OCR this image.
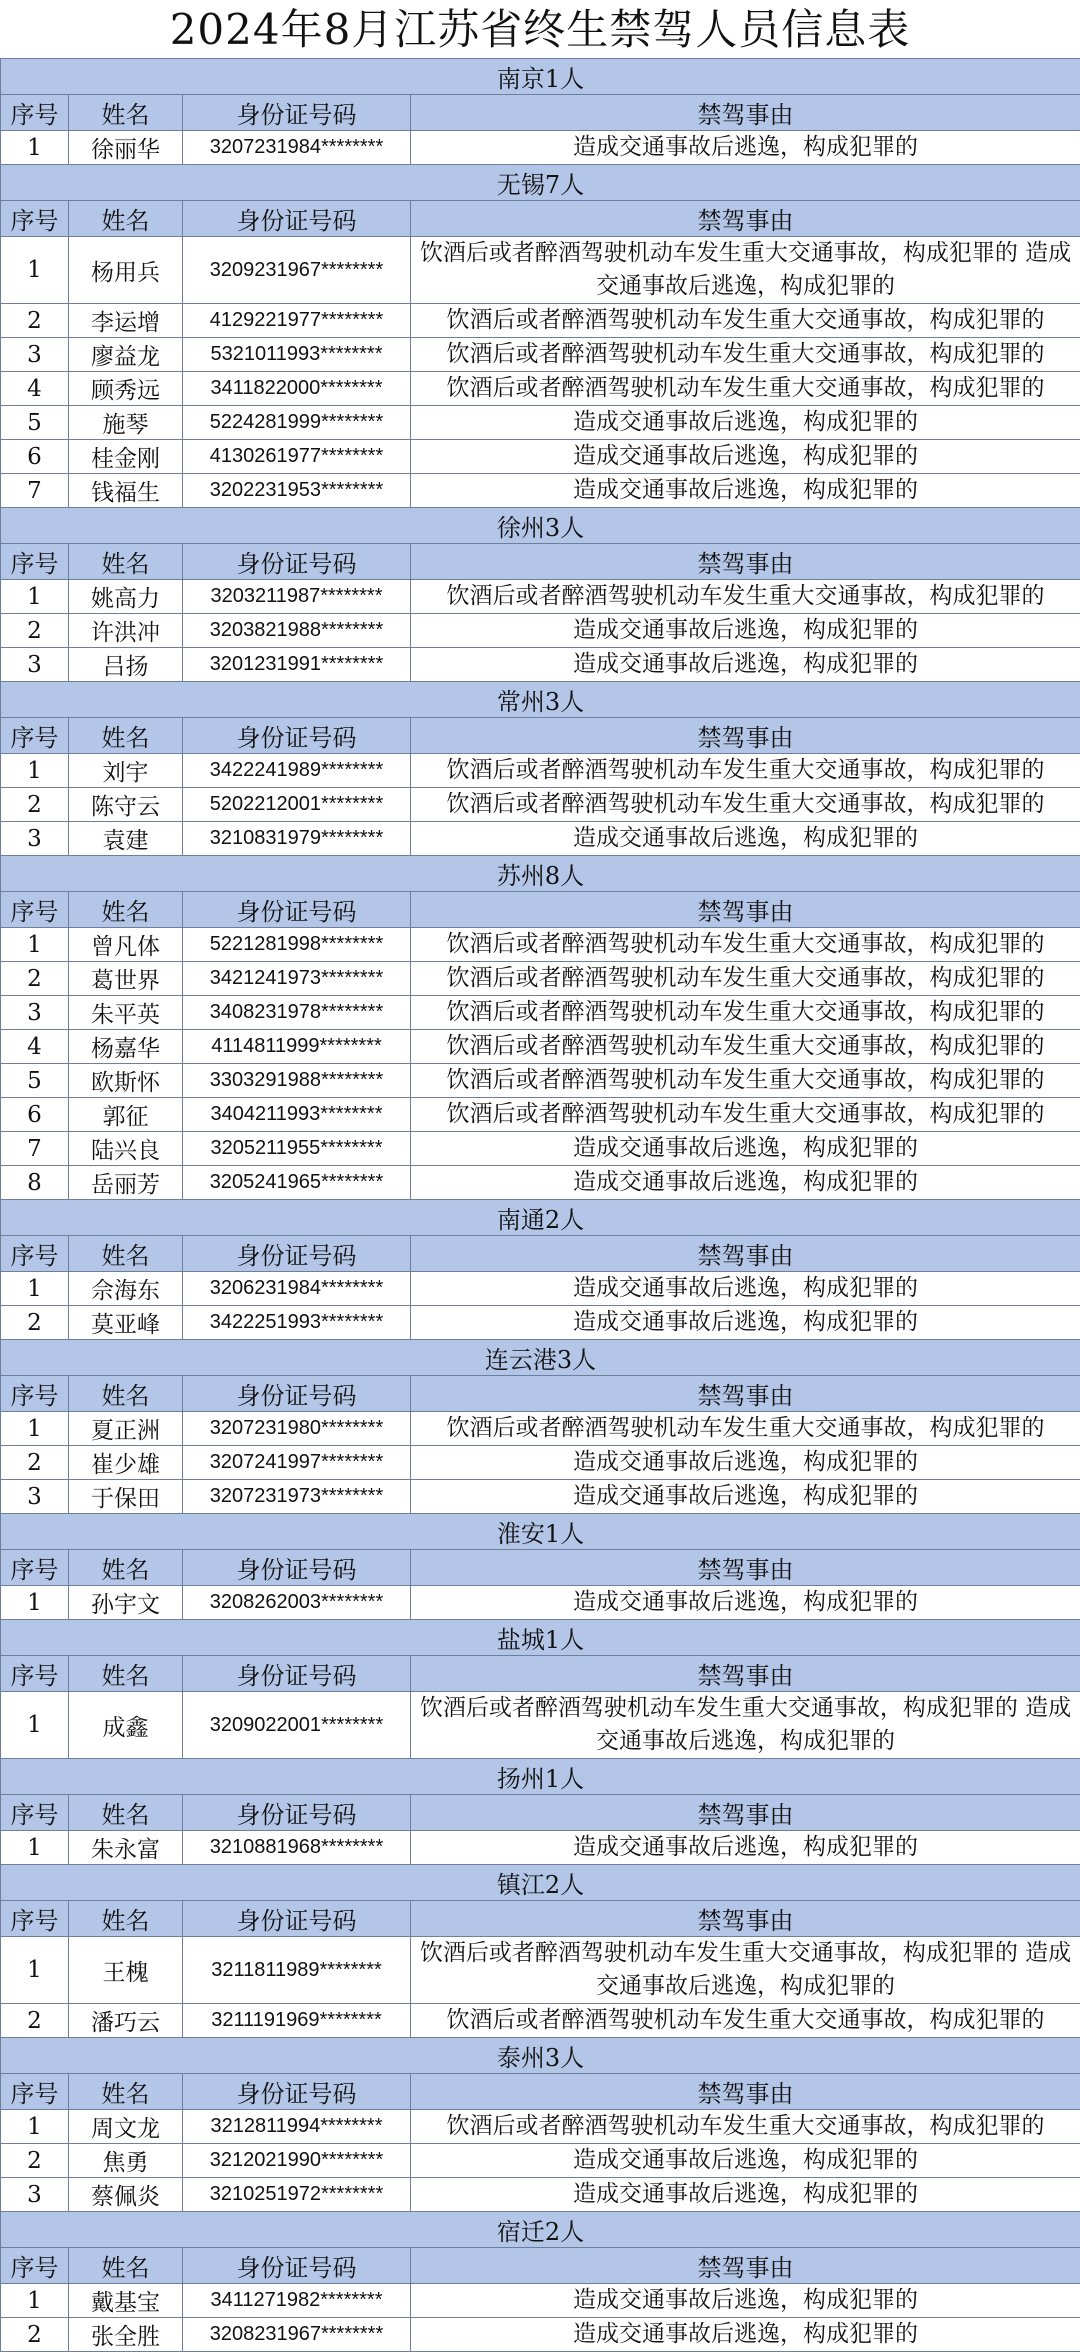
2024年8月江苏省终生禁驾人员信息表
南京1人			
序号	姓名	身份证号码	禁驾事由
1	徐丽华	3207231984********	造成交通事故后逃逸，构成犯罪的
无锡7人			
序号	姓名	身份证号码	禁驾事由
1	杨用兵	3209231967********	饮酒后或者醉酒驾驶机动车发生重大交通事故，构成犯罪的 造成交通事故后逃逸，构成犯罪的
2	李运增	4129221977********	饮酒后或者醉酒驾驶机动车发生重大交通事故，构成犯罪的
3	廖益龙	5321011993********	饮酒后或者醉酒驾驶机动车发生重大交通事故，构成犯罪的
4	顾秀远	3411822000********	饮酒后或者醉酒驾驶机动车发生重大交通事故，构成犯罪的
5	施琴	5224281999********	造成交通事故后逃逸，构成犯罪的
6	桂金刚	4130261977********	造成交通事故后逃逸，构成犯罪的
7	钱福生	3202231953********	造成交通事故后逃逸，构成犯罪的
徐州3人			
序号	姓名	身份证号码	禁驾事由
1	姚高力	3203211987********	饮酒后或者醉酒驾驶机动车发生重大交通事故，构成犯罪的
2	许洪冲	3203821988********	造成交通事故后逃逸，构成犯罪的
3	吕扬	3201231991********	造成交通事故后逃逸，构成犯罪的
常州3人			
序号	姓名	身份证号码	禁驾事由
1	刘宇	3422241989********	饮酒后或者醉酒驾驶机动车发生重大交通事故，构成犯罪的
2	陈守云	5202212001********	饮酒后或者醉酒驾驶机动车发生重大交通事故，构成犯罪的
3	袁建	3210831979********	造成交通事故后逃逸，构成犯罪的
苏州8人			
序号	姓名	身份证号码	禁驾事由
1	曾凡体	5221281998********	饮酒后或者醉酒驾驶机动车发生重大交通事故，构成犯罪的
2	葛世界	3421241973********	饮酒后或者醉酒驾驶机动车发生重大交通事故，构成犯罪的
3	朱平英	3408231978********	饮酒后或者醉酒驾驶机动车发生重大交通事故，构成犯罪的
4	杨嘉华	4114811999********	饮酒后或者醉酒驾驶机动车发生重大交通事故，构成犯罪的
5	欧斯怀	3303291988********	饮酒后或者醉酒驾驶机动车发生重大交通事故，构成犯罪的
6	郭征	3404211993********	饮酒后或者醉酒驾驶机动车发生重大交通事故，构成犯罪的
7	陆兴良	3205211955********	造成交通事故后逃逸，构成犯罪的
8	岳丽芳	3205241965********	造成交通事故后逃逸，构成犯罪的
南通2人			
序号	姓名	身份证号码	禁驾事由
1	佘海东	3206231984********	造成交通事故后逃逸，构成犯罪的
2	莫亚峰	3422251993********	造成交通事故后逃逸，构成犯罪的
连云港3人			
序号	姓名	身份证号码	禁驾事由
1	夏正洲	3207231980********	饮酒后或者醉酒驾驶机动车发生重大交通事故，构成犯罪的
2	崔少雄	3207241997********	造成交通事故后逃逸，构成犯罪的
3	于保田	3207231973********	造成交通事故后逃逸，构成犯罪的
淮安1人			
序号	姓名	身份证号码	禁驾事由
1	孙宇文	3208262003********	造成交通事故后逃逸，构成犯罪的
盐城1人			
序号	姓名	身份证号码	禁驾事由
1	成鑫	3209022001********	饮酒后或者醉酒驾驶机动车发生重大交通事故，构成犯罪的 造成交通事故后逃逸，构成犯罪的
扬州1人			
序号	姓名	身份证号码	禁驾事由
1	朱永富	3210881968********	造成交通事故后逃逸，构成犯罪的
镇江2人			
序号	姓名	身份证号码	禁驾事由
1	王槐	3211811989********	饮酒后或者醉酒驾驶机动车发生重大交通事故，构成犯罪的 造成交通事故后逃逸，构成犯罪的
2	潘巧云	3211191969********	饮酒后或者醉酒驾驶机动车发生重大交通事故，构成犯罪的
泰州3人			
序号	姓名	身份证号码	禁驾事由
1	周文龙	3212811994********	饮酒后或者醉酒驾驶机动车发生重大交通事故，构成犯罪的
2	焦勇	3212021990********	造成交通事故后逃逸，构成犯罪的
3	蔡佩炎	3210251972********	造成交通事故后逃逸，构成犯罪的
宿迁2人			
序号	姓名	身份证号码	禁驾事由
1	戴基宝	3411271982********	造成交通事故后逃逸，构成犯罪的
2	张全胜	3208231967********	造成交通事故后逃逸，构成犯罪的
